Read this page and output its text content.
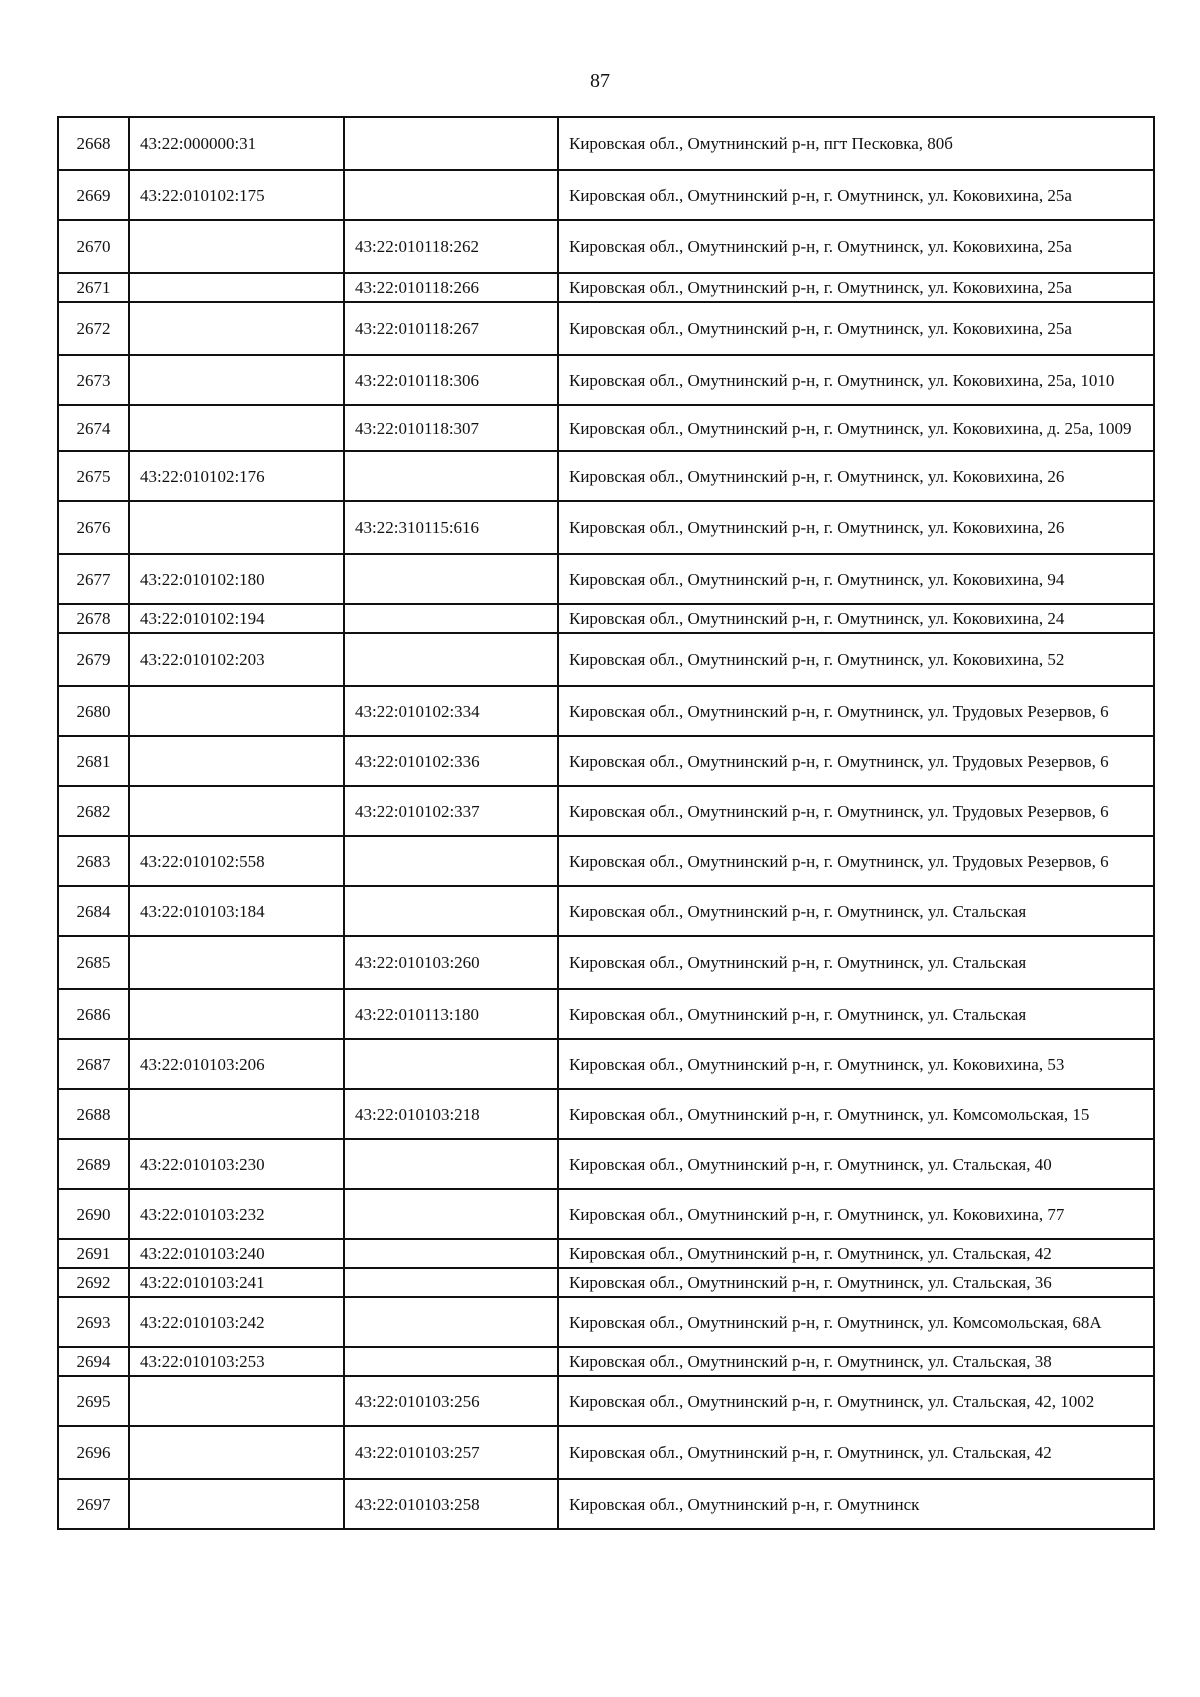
87
2668	43:22:000000:31		Кировская обл., Омутнинский р-н, пгт Песковка, 80б
2669	43:22:010102:175		Кировская обл., Омутнинский р-н, г. Омутнинск, ул. Коковихина, 25а
2670		43:22:010118:262	Кировская обл., Омутнинский р-н, г. Омутнинск, ул. Коковихина, 25а
2671		43:22:010118:266	Кировская обл., Омутнинский р-н, г. Омутнинск, ул. Коковихина, 25а
2672		43:22:010118:267	Кировская обл., Омутнинский р-н, г. Омутнинск, ул. Коковихина, 25а
2673		43:22:010118:306	Кировская обл., Омутнинский р-н, г. Омутнинск, ул. Коковихина, 25а, 1010
2674		43:22:010118:307	Кировская обл., Омутнинский р-н, г. Омутнинск, ул. Коковихина, д. 25а, 1009
2675	43:22:010102:176		Кировская обл., Омутнинский р-н, г. Омутнинск, ул. Коковихина, 26
2676		43:22:310115:616	Кировская обл., Омутнинский р-н, г. Омутнинск, ул. Коковихина, 26
2677	43:22:010102:180		Кировская обл., Омутнинский р-н, г. Омутнинск, ул. Коковихина, 94
2678	43:22:010102:194		Кировская обл., Омутнинский р-н, г. Омутнинск, ул. Коковихина, 24
2679	43:22:010102:203		Кировская обл., Омутнинский р-н, г. Омутнинск, ул. Коковихина, 52
2680		43:22:010102:334	Кировская обл., Омутнинский р-н, г. Омутнинск, ул. Трудовых Резервов, 6
2681		43:22:010102:336	Кировская обл., Омутнинский р-н, г. Омутнинск, ул. Трудовых Резервов, 6
2682		43:22:010102:337	Кировская обл., Омутнинский р-н, г. Омутнинск, ул. Трудовых Резервов, 6
2683	43:22:010102:558		Кировская обл., Омутнинский р-н, г. Омутнинск, ул. Трудовых Резервов, 6
2684	43:22:010103:184		Кировская обл., Омутнинский р-н, г. Омутнинск, ул. Стальская
2685		43:22:010103:260	Кировская обл., Омутнинский р-н, г. Омутнинск, ул. Стальская
2686		43:22:010113:180	Кировская обл., Омутнинский р-н, г. Омутнинск, ул. Стальская
2687	43:22:010103:206		Кировская обл., Омутнинский р-н, г. Омутнинск, ул. Коковихина, 53
2688		43:22:010103:218	Кировская обл., Омутнинский р-н, г. Омутнинск, ул. Комсомольская, 15
2689	43:22:010103:230		Кировская обл., Омутнинский р-н, г. Омутнинск, ул. Стальская, 40
2690	43:22:010103:232		Кировская обл., Омутнинский р-н, г. Омутнинск, ул. Коковихина, 77
2691	43:22:010103:240		Кировская обл., Омутнинский р-н, г. Омутнинск, ул. Стальская, 42
2692	43:22:010103:241		Кировская обл., Омутнинский р-н, г. Омутнинск, ул. Стальская, 36
2693	43:22:010103:242		Кировская обл., Омутнинский р-н, г. Омутнинск, ул. Комсомольская, 68А
2694	43:22:010103:253		Кировская обл., Омутнинский р-н, г. Омутнинск, ул. Стальская, 38
2695		43:22:010103:256	Кировская обл., Омутнинский р-н, г. Омутнинск, ул. Стальская, 42, 1002
2696		43:22:010103:257	Кировская обл., Омутнинский р-н, г. Омутнинск, ул. Стальская, 42
2697		43:22:010103:258	Кировская обл., Омутнинский р-н, г. Омутнинск
